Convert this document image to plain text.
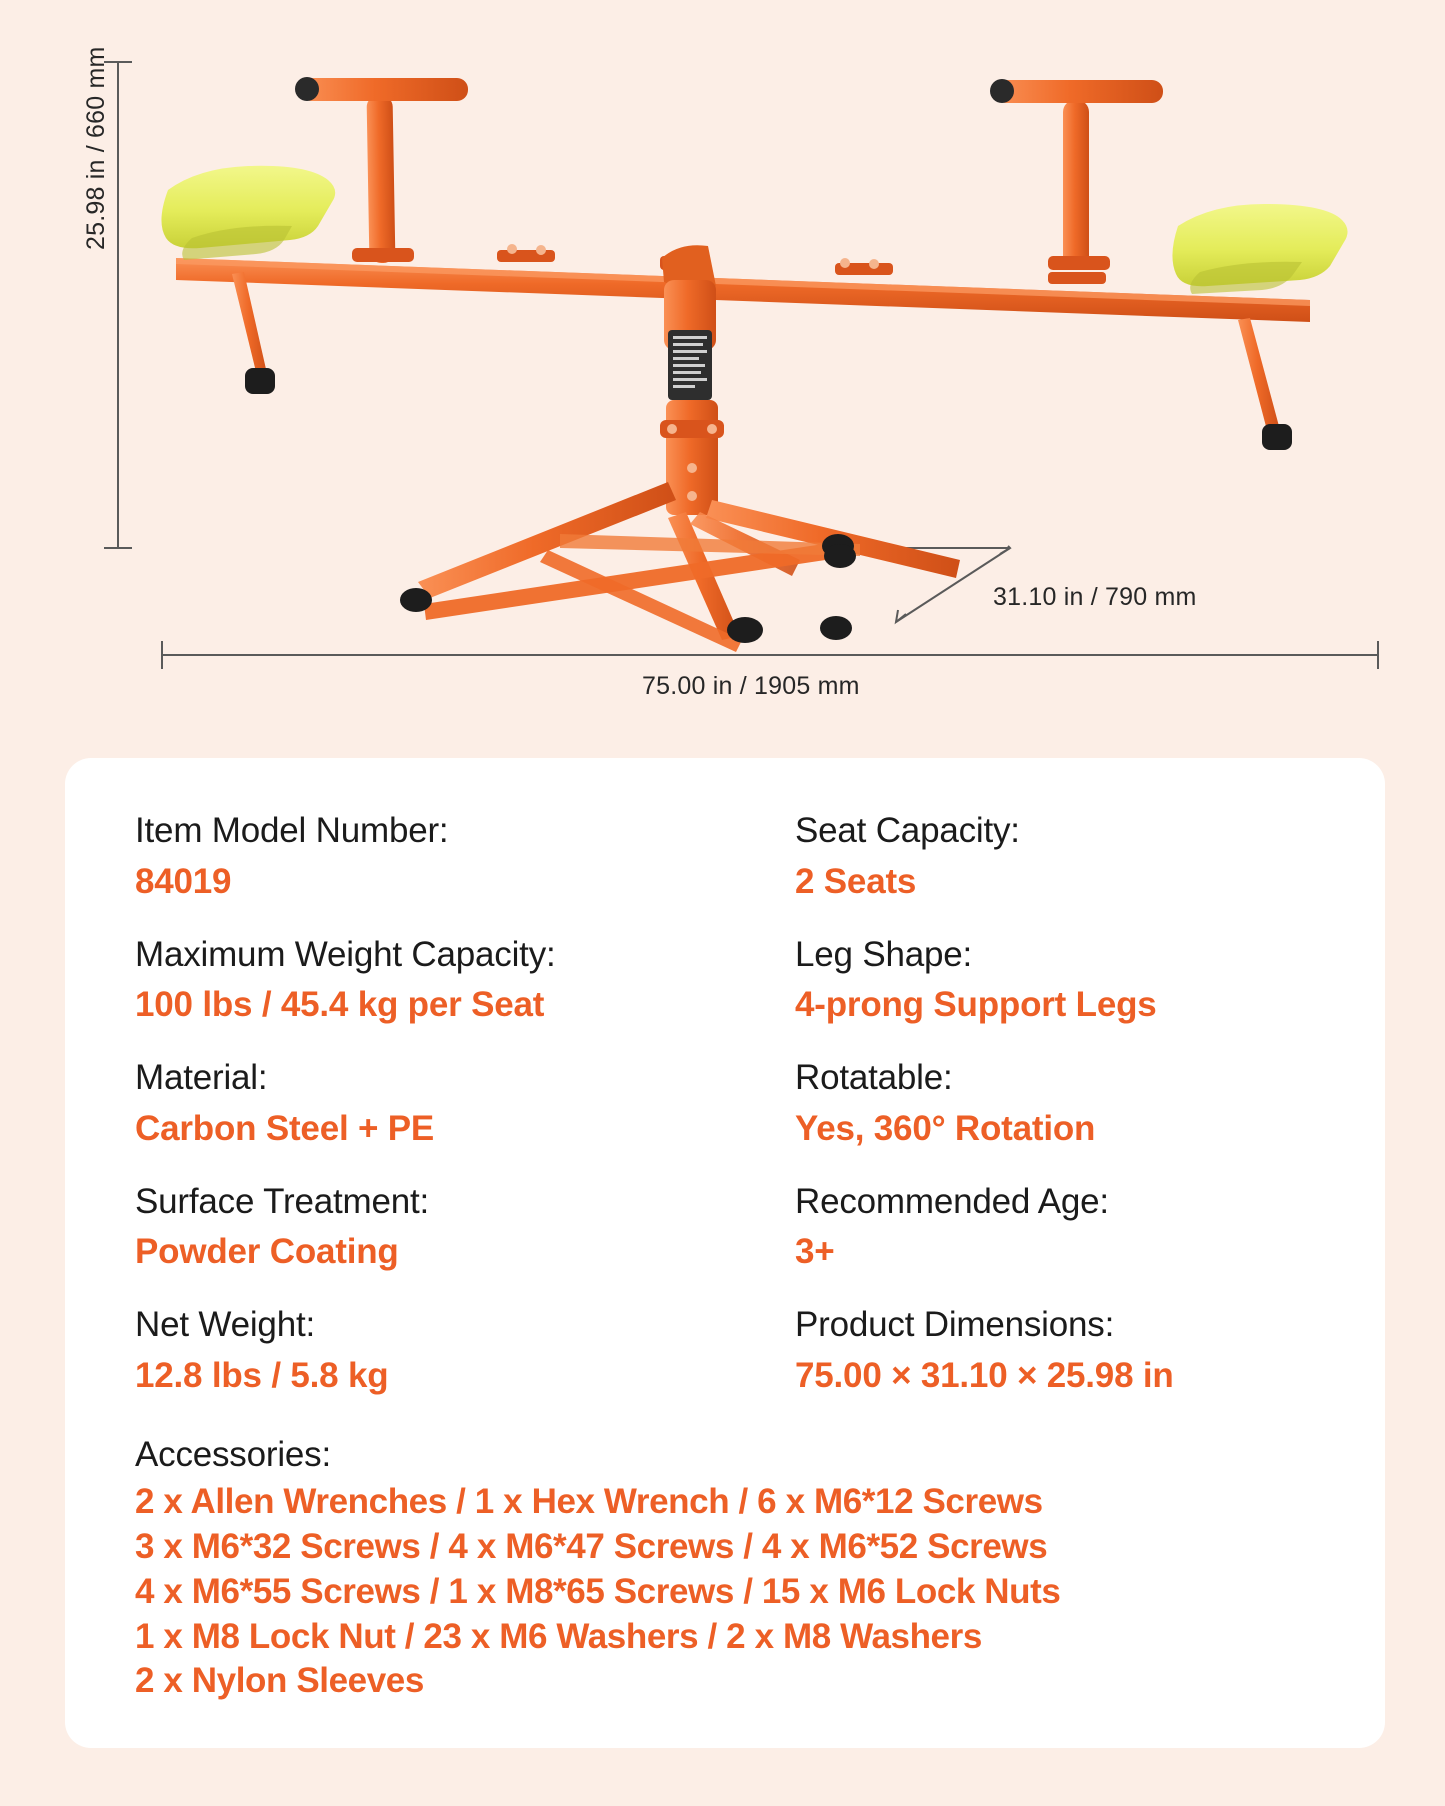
25.98 in / 660 mm
31.10 in / 790 mm
75.00 in / 1905 mm
Item Model Number:
84019
Maximum Weight Capacity:
100 lbs / 45.4 kg per Seat
Material:
Carbon Steel + PE
Surface Treatment:
Powder Coating
Net Weight:
12.8 lbs / 5.8 kg
Seat Capacity:
2 Seats
Leg Shape:
4-prong Support Legs
Rotatable:
Yes, 360° Rotation
Recommended Age:
3+
Product Dimensions:
75.00 × 31.10 × 25.98 in
Accessories:
2 x Allen Wrenches / 1 x Hex Wrench / 6 x M6*12 Screws
3 x M6*32 Screws / 4 x M6*47 Screws / 4 x M6*52 Screws
4 x M6*55 Screws / 1 x M8*65 Screws / 15 x M6 Lock Nuts
1 x M8 Lock Nut / 23 x M6 Washers / 2 x M8 Washers
2 x Nylon Sleeves
